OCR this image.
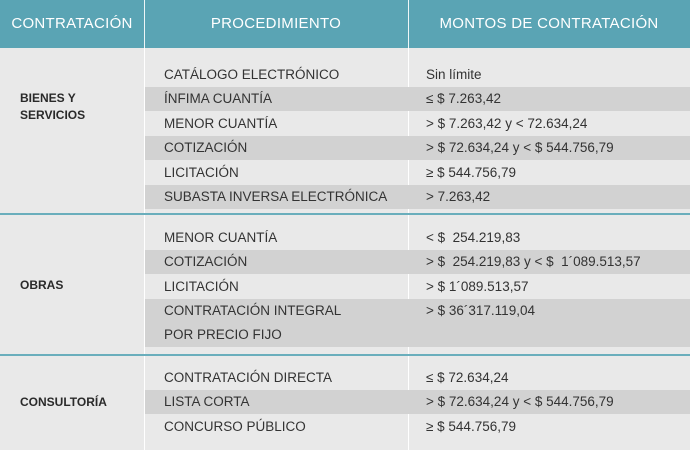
CONTRATACIÓN	PROCEDIMIENTO	MONTOS DE CONTRATACIÓN
BIENES Y
SERVICIOS
CATÁLOGO ELECTRÓNICO	Sin límite
ÍNFIMA CUANTÍA	≤ $ 7.263,42
MENOR CUANTÍA	> $ 7.263,42 y < 72.634,24
COTIZACIÓN	> $ 72.634,24 y < $ 544.756,79
LICITACIÓN	≥ $ 544.756,79
SUBASTA INVERSA ELECTRÓNICA	> 7.263,42
OBRAS
MENOR CUANTÍA	< $  254.219,83
COTIZACIÓN	> $  254.219,83 y < $  1´089.513,57
LICITACIÓN	> $ 1´089.513,57
CONTRATACIÓN INTEGRAL	> $ 36´317.119,04
POR PRECIO FIJO
CONSULTORÍA
CONTRATACIÓN DIRECTA	≤ $ 72.634,24
LISTA CORTA	> $ 72.634,24 y < $ 544.756,79
CONCURSO PÚBLICO	≥ $ 544.756,79
